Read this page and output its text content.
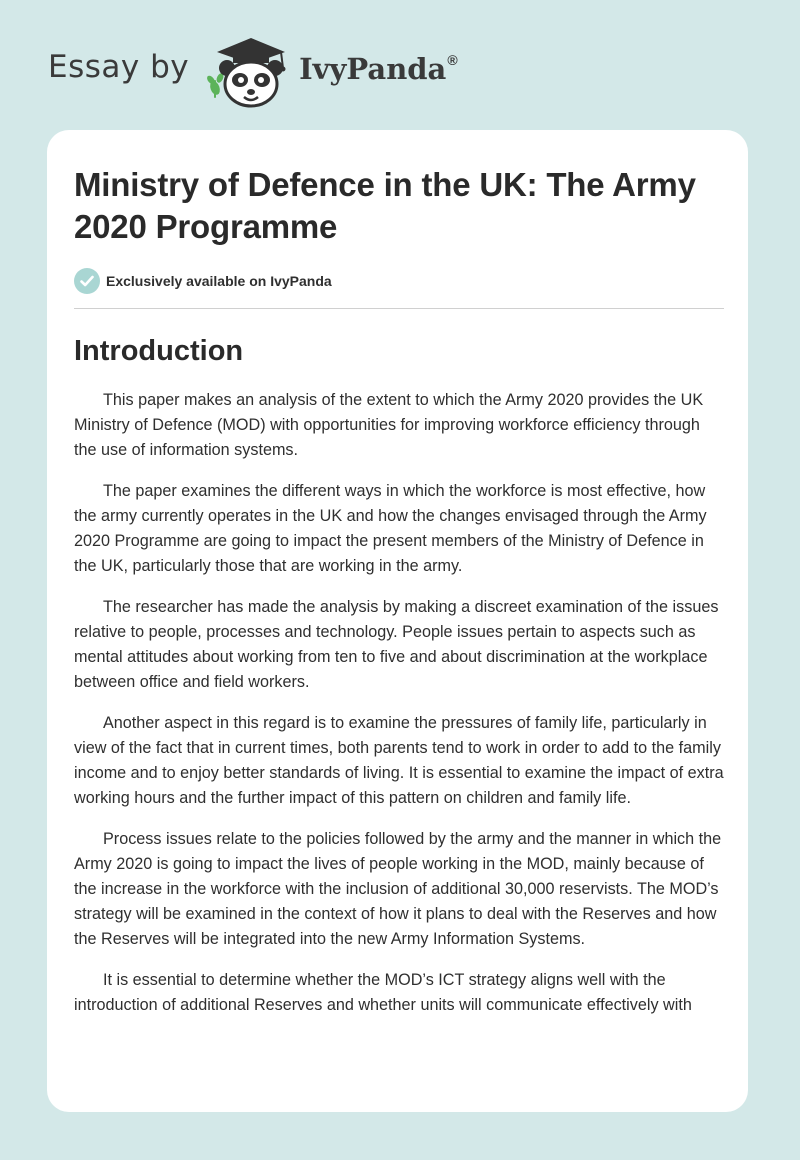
Essay by	IvyPanda®
Ministry of Defence in the UK: The Army 2020 Programme
Exclusively available on IvyPanda
Introduction

This paper makes an analysis of the extent to which the Army 2020 provides the UK Ministry of Defence (MOD) with opportunities for improving workforce efficiency through the use of information systems.

The paper examines the different ways in which the workforce is most effective, how the army currently operates in the UK and how the changes envisaged through the Army 2020 Programme are going to impact the present members of the Ministry of Defence in the UK, particularly those that are working in the army.

The researcher has made the analysis by making a discreet examination of the issues relative to people, processes and technology. People issues pertain to aspects such as mental attitudes about working from ten to five and about discrimination at the workplace between office and field workers.

Another aspect in this regard is to examine the pressures of family life, particularly in view of the fact that in current times, both parents tend to work in order to add to the family income and to enjoy better standards of living. It is essential to examine the impact of extra working hours and the further impact of this pattern on children and family life.

Process issues relate to the policies followed by the army and the manner in which the Army 2020 is going to impact the lives of people working in the MOD, mainly because of the increase in the workforce with the inclusion of additional 30,000 reservists. The MOD’s strategy will be examined in the context of how it plans to deal with the Reserves and how the Reserves will be integrated into the new Army Information Systems.

It is essential to determine whether the MOD’s ICT strategy aligns well with the introduction of additional Reserves and whether units will communicate effectively with
